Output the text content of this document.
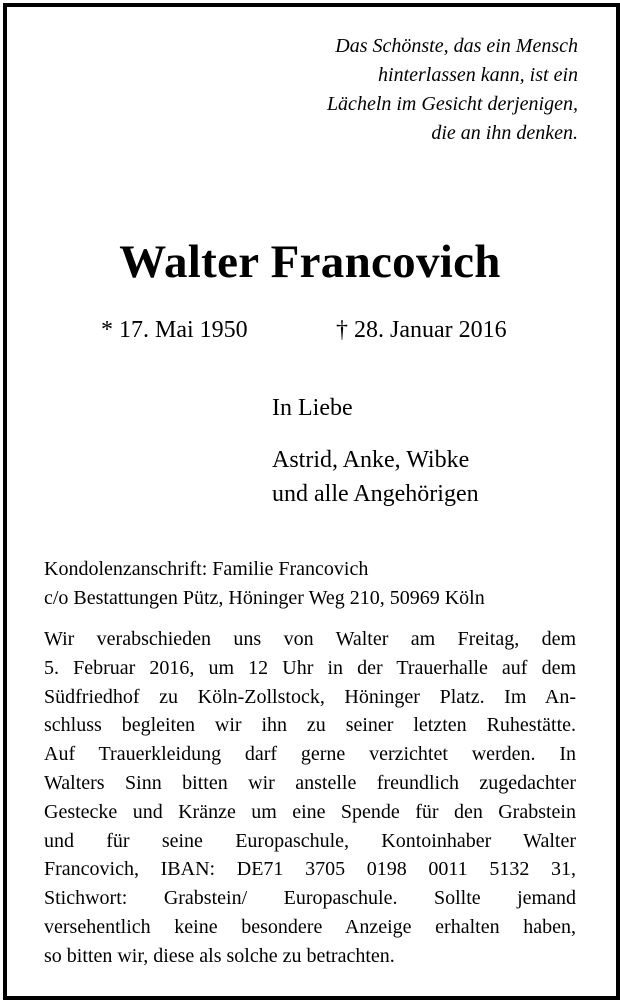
Das Schönste, das ein Mensch
hinterlassen kann, ist ein
Lächeln im Gesicht derjenigen,
die an ihn denken.
Walter Francovich
* 17. Mai 1950	† 28. Januar 2016
In Liebe
Astrid, Anke, Wibke
und alle Angehörigen
Kondolenzanschrift: Familie Francovich
c/o Bestattungen Pütz, Höninger Weg 210, 50969 Köln
Wir verabschieden uns von Walter am Freitag, dem
5. Februar 2016, um 12 Uhr in der Trauerhalle auf dem
Südfriedhof zu Köln-Zollstock, Höninger Platz. Im An-
schluss begleiten wir ihn zu seiner letzten Ruhestätte.
Auf Trauerkleidung darf gerne verzichtet werden. In
Walters Sinn bitten wir anstelle freundlich zugedachter
Gestecke und Kränze um eine Spende für den Grabstein
und für seine Europaschule, Kontoinhaber Walter
Francovich, IBAN: DE71 3705 0198 0011 5132 31,
Stichwort: Grabstein/ Europaschule. Sollte jemand
versehentlich keine besondere Anzeige erhalten haben,
so bitten wir, diese als solche zu betrachten.
